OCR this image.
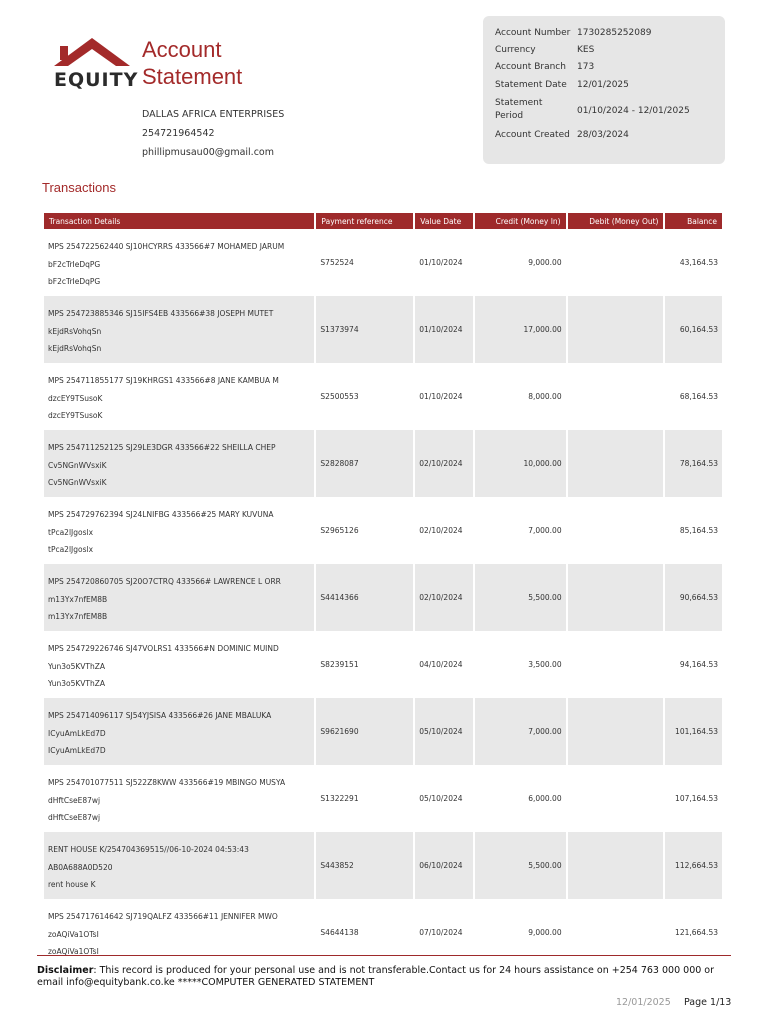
EQUITY
Account
Statement
DALLAS AFRICA ENTERPRISES
254721964542
phillipmusau00@gmail.com
Account Number 1730285252089
Currency	KES
Account Branch	173
Statement Date	12/01/2025
Statement
Period	01/10/2024 - 12/01/2025
Account Created 28/03/2024
Transactions
Transaction Details	Payment reference	Value Date	Credit (Money In)	Debit (Money Out)	Balance

MPS 254722562440 SJ10HCYRRS 433566#7 MOHAMED JARUM
bF2cTrIeDqPG
bF2cTrIeDqPG	S752524	01/10/2024	9,000.00		43,164.53

MPS 254723885346 SJ15IFS4EB 433566#38 JOSEPH MUTET
kEjdRsVohqSn
kEjdRsVohqSn	S1373974	01/10/2024	17,000.00		60,164.53

MPS 254711855177 SJ19KHRGS1 433566#8 JANE KAMBUA M
dzcEY9TSusoK
dzcEY9TSusoK	S2500553	01/10/2024	8,000.00		68,164.53

MPS 254711252125 SJ29LE3DGR 433566#22 SHEILLA CHEP
Cv5NGnWVsxiK
Cv5NGnWVsxiK	S2828087	02/10/2024	10,000.00		78,164.53

MPS 254729762394 SJ24LNIFBG 433566#25 MARY KUVUNA
tPca2lJgoslx
tPca2lJgoslx	S2965126	02/10/2024	7,000.00		85,164.53

MPS 254720860705 SJ20O7CTRQ 433566# LAWRENCE L ORR
m13Yx7nfEM8B
m13Yx7nfEM8B	S4414366	02/10/2024	5,500.00		90,664.53

MPS 254729226746 SJ47VOLRS1 433566#N DOMINIC MUIND
Yun3o5KVThZA
Yun3o5KVThZA	S8239151	04/10/2024	3,500.00		94,164.53

MPS 254714096117 SJ54YJSISA 433566#26 JANE MBALUKA
ICyuAmLkEd7D
ICyuAmLkEd7D	S9621690	05/10/2024	7,000.00		101,164.53

MPS 254701077511 SJ522Z8KWW 433566#19 MBINGO MUSYA
dHftCseE87wj
dHftCseE87wj	S1322291	05/10/2024	6,000.00		107,164.53

RENT HOUSE K/254704369515//06-10-2024 04:53:43
AB0A688A0D520
rent house K	S443852	06/10/2024	5,500.00		112,664.53

MPS 254717614642 SJ719QALFZ 433566#11 JENNIFER MWO
zoAQiVa1OTsI
zoAQiVa1OTsI	S4644138	07/10/2024	9,000.00		121,664.53
Disclaimer: This record is produced for your personal use and is not transferable.Contact us for 24 hours assistance on +254 763 000 000 or email info@equitybank.co.ke *****COMPUTER GENERATED STATEMENT
12/01/2025 Page 1/13
